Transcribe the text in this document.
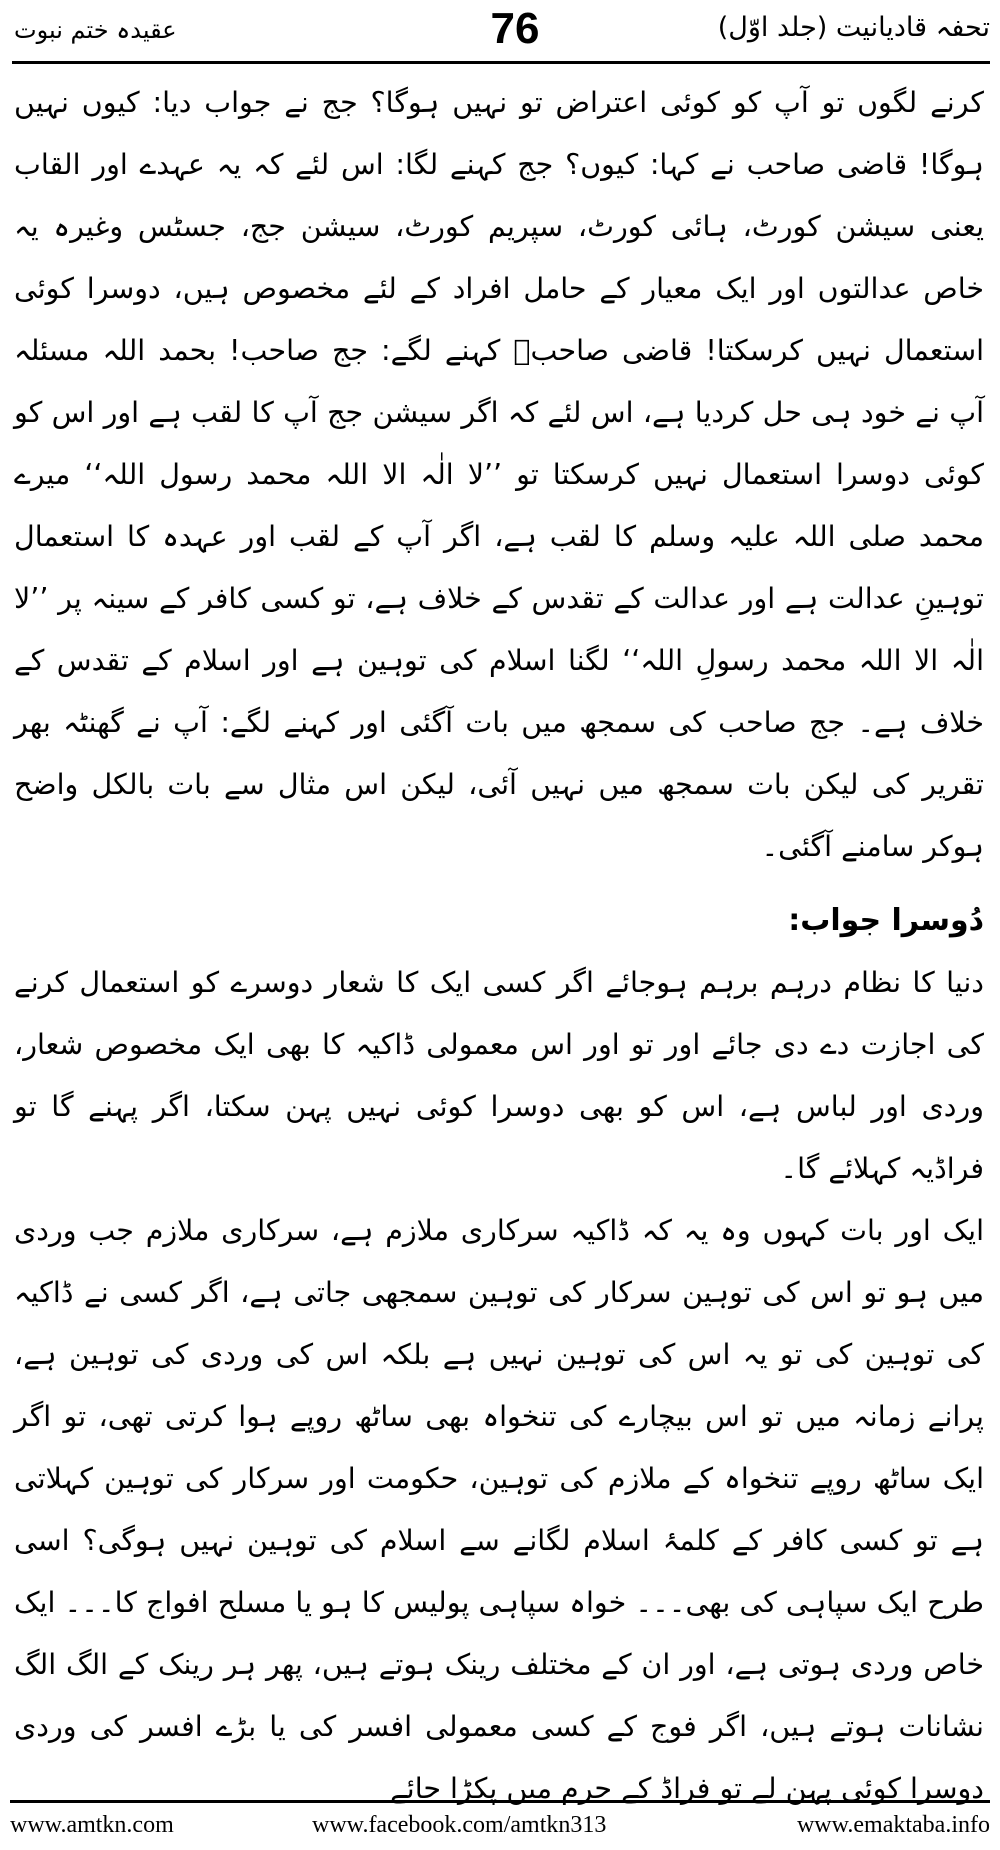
تحفہ قادیانیت (جلد اوّل)
76
عقیدہ ختم نبوت

کرنے لگوں تو آپ کو کوئی اعتراض تو نہیں ہوگا؟ جج نے جواب دیا: کیوں نہیں ہوگا! قاضی صاحب نے کہا: کیوں؟ جج کہنے لگا: اس لئے کہ یہ عہدے اور القاب یعنی سیشن کورٹ، ہائی کورٹ، سپریم کورٹ، سیشن جج، جسٹس وغیرہ یہ خاص عدالتوں اور ایک معیار کے حامل افراد کے لئے مخصوص ہیں، دوسرا کوئی استعمال نہیں کرسکتا! قاضی صاحبؒ کہنے لگے: جج صاحب! بحمد اللہ مسئلہ آپ نے خود ہی حل کردیا ہے، اس لئے کہ اگر سیشن جج آپ کا لقب ہے اور اس کو کوئی دوسرا استعمال نہیں کرسکتا تو ’’لا الٰہ الا اللہ محمد رسول اللہ‘‘ میرے محمد صلی اللہ علیہ وسلم کا لقب ہے، اگر آپ کے لقب اور عہدہ کا استعمال توہینِ عدالت ہے اور عدالت کے تقدس کے خلاف ہے، تو کسی کافر کے سینہ پر ’’لا الٰہ الا اللہ محمد رسولِ اللہ‘‘ لگنا اسلام کی توہین ہے اور اسلام کے تقدس کے خلاف ہے۔ جج صاحب کی سمجھ میں بات آگئی اور کہنے لگے: آپ نے گھنٹہ بھر تقریر کی لیکن بات سمجھ میں نہیں آئی، لیکن اس مثال سے بات بالکل واضح ہوکر سامنے آگئی۔

دُوسرا جواب:

دنیا کا نظام درہم برہم ہوجائے اگر کسی ایک کا شعار دوسرے کو استعمال کرنے کی اجازت دے دی جائے اور تو اور اس معمولی ڈاکیہ کا بھی ایک مخصوص شعار، وردی اور لباس ہے، اس کو بھی دوسرا کوئی نہیں پہن سکتا، اگر پہنے گا تو فراڈیہ کہلائے گا۔

ایک اور بات کہوں وہ یہ کہ ڈاکیہ سرکاری ملازم ہے، سرکاری ملازم جب وردی میں ہو تو اس کی توہین سرکار کی توہین سمجھی جاتی ہے، اگر کسی نے ڈاکیہ کی توہین کی تو یہ اس کی توہین نہیں ہے بلکہ اس کی وردی کی توہین ہے، پرانے زمانہ میں تو اس بیچارے کی تنخواہ بھی ساٹھ روپے ہوا کرتی تھی، تو اگر ایک ساٹھ روپے تنخواہ کے ملازم کی توہین، حکومت اور سرکار کی توہین کہلاتی ہے تو کسی کافر کے کلمۂ اسلام لگانے سے اسلام کی توہین نہیں ہوگی؟ اسی طرح ایک سپاہی کی بھی۔۔۔ خواہ سپاہی پولیس کا ہو یا مسلح افواج کا۔۔۔ ایک خاص وردی ہوتی ہے، اور ان کے مختلف رینک ہوتے ہیں، پھر ہر رینک کے الگ الگ نشانات ہوتے ہیں، اگر فوج کے کسی معمولی افسر کی یا بڑے افسر کی وردی دوسرا کوئی پہن لے تو فراڈ کے جرم میں پکڑا جائے

www.amtkn.com	www.facebook.com/amtkn313	www.emaktaba.info
